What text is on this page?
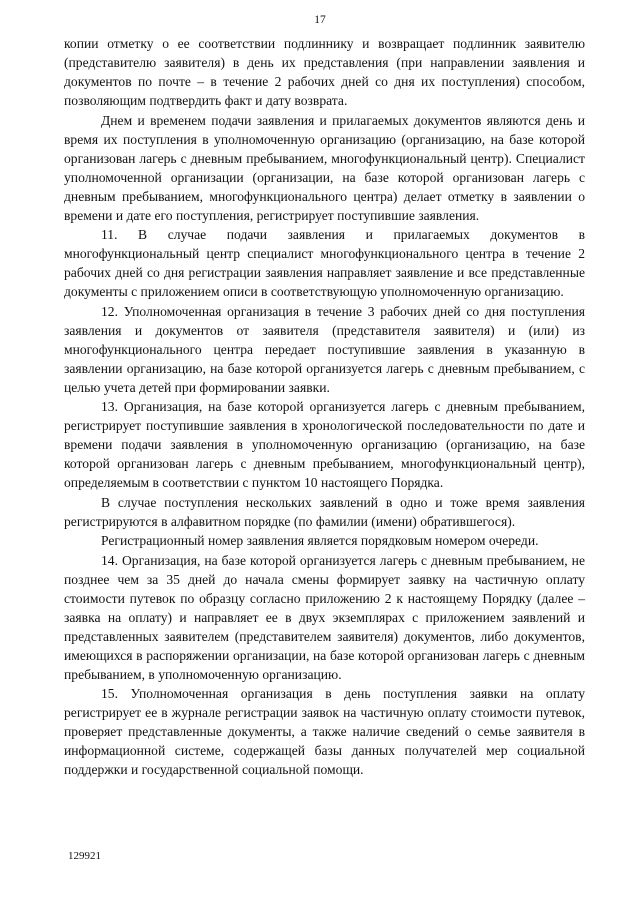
17

копии отметку о ее соответствии подлиннику и возвращает подлинник заявителю (представителю заявителя) в день их представления (при направлении заявления и документов по почте – в течение 2 рабочих дней со дня их поступления) способом, позволяющим подтвердить факт и дату возврата.

Днем и временем подачи заявления и прилагаемых документов являются день и время их поступления в уполномоченную организацию (организацию, на базе которой организован лагерь с дневным пребыванием, многофункциональный центр). Специалист уполномоченной организации (организации, на базе которой организован лагерь с дневным пребыванием, многофункционального центра) делает отметку в заявлении о времени и дате его поступления, регистрирует поступившие заявления.

11. В случае подачи заявления и прилагаемых документов в многофункциональный центр специалист многофункционального центра в течение 2 рабочих дней со дня регистрации заявления направляет заявление и все представленные документы с приложением описи в соответствующую уполномоченную организацию.

12. Уполномоченная организация в течение 3 рабочих дней со дня поступления заявления и документов от заявителя (представителя заявителя) и (или) из многофункционального центра передает поступившие заявления в указанную в заявлении организацию, на базе которой организуется лагерь с дневным пребыванием, с целью учета детей при формировании заявки.

13. Организация, на базе которой организуется лагерь с дневным пребыванием, регистрирует поступившие заявления в хронологической последовательности по дате и времени подачи заявления в уполномоченную организацию (организацию, на базе которой организован лагерь с дневным пребыванием, многофункциональный центр), определяемым в соответствии с пунктом 10 настоящего Порядка.

В случае поступления нескольких заявлений в одно и тоже время заявления регистрируются в алфавитном порядке (по фамилии (имени) обратившегося).

Регистрационный номер заявления является порядковым номером очереди.

14. Организация, на базе которой организуется лагерь с дневным пребыванием, не позднее чем за 35 дней до начала смены формирует заявку на частичную оплату стоимости путевок по образцу согласно приложению 2 к настоящему Порядку (далее – заявка на оплату) и направляет ее в двух экземплярах с приложением заявлений и представленных заявителем (представителем заявителя) документов, либо документов, имеющихся в распоряжении организации, на базе которой организован лагерь с дневным пребыванием, в уполномоченную организацию.

15. Уполномоченная организация в день поступления заявки на оплату регистрирует ее в журнале регистрации заявок на частичную оплату стоимости путевок, проверяет представленные документы, а также наличие сведений о семье заявителя в информационной системе, содержащей базы данных получателей мер социальной поддержки и государственной социальной помощи.

129921
